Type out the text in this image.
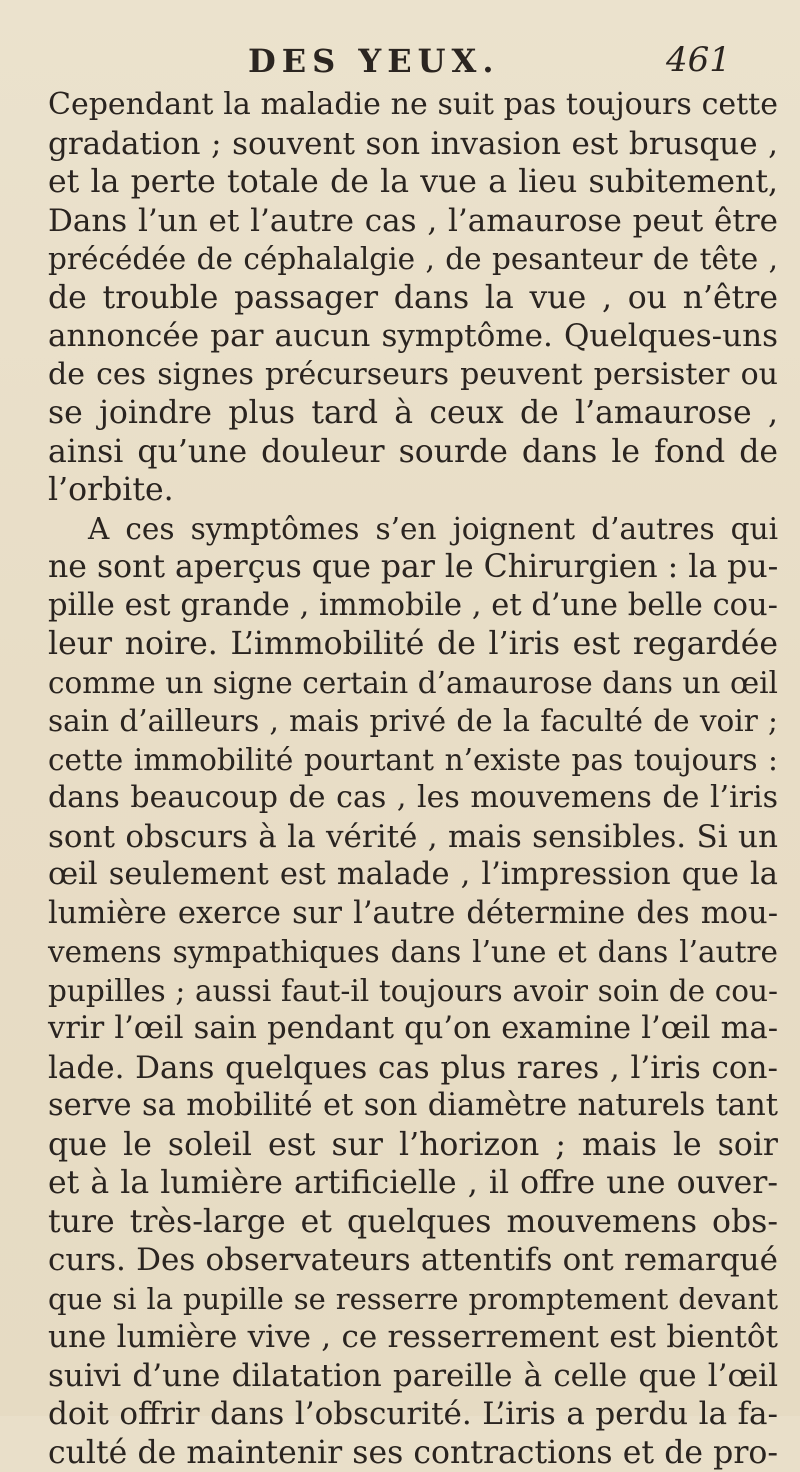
DES YEUX.	461
Cependant la maladie ne suit pas toujours cette
gradation ; souvent son invasion est brusque ,
et la perte totale de la vue a lieu subitement,
Dans l’un et l’autre cas , l’amaurose peut être
précédée de céphalalgie , de pesanteur de tête ,
de trouble passager dans la vue , ou n’être
annoncée par aucun symptôme. Quelques-uns
de ces signes précurseurs peuvent persister ou
se joindre plus tard à ceux de l’amaurose ,
ainsi qu’une douleur sourde dans le fond de
l’orbite.
A ces symptômes s’en joignent d’autres qui
ne sont aperçus que par le Chirurgien : la pu-
pille est grande , immobile , et d’une belle cou-
leur noire. L’immobilité de l’iris est regardée
comme un signe certain d’amaurose dans un œil
sain d’ailleurs , mais privé de la faculté de voir ;
cette immobilité pourtant n’existe pas toujours :
dans beaucoup de cas , les mouvemens de l’iris
sont obscurs à la vérité , mais sensibles. Si un
œil seulement est malade , l’impression que la
lumière exerce sur l’autre détermine des mou-
vemens sympathiques dans l’une et dans l’autre
pupilles ; aussi faut-il toujours avoir soin de cou-
vrir l’œil sain pendant qu’on examine l’œil ma-
lade. Dans quelques cas plus rares , l’iris con-
serve sa mobilité et son diamètre naturels tant
que le soleil est sur l’horizon ; mais le soir
et à la lumière artificielle , il offre une ouver-
ture très-large et quelques mouvemens obs-
curs. Des observateurs attentifs ont remarqué
que si la pupille se resserre promptement devant
une lumière vive , ce resserrement est bientôt
suivi d’une dilatation pareille à celle que l’œil
doit offrir dans l’obscurité. L’iris a perdu la fa-
culté de maintenir ses contractions et de pro-
